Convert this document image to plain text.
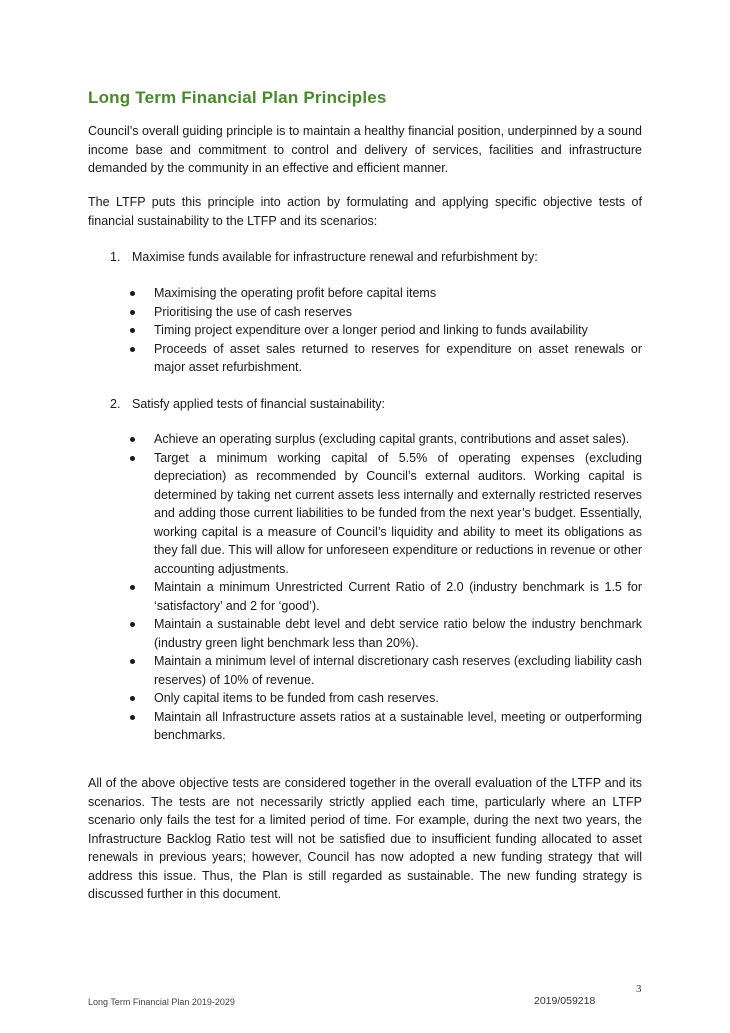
Long Term Financial Plan Principles

Council’s overall guiding principle is to maintain a healthy financial position, underpinned by a sound income base and commitment to control and delivery of services, facilities and infrastructure demanded by the community in an effective and efficient manner.

The LTFP puts this principle into action by formulating and applying specific objective tests of financial sustainability to the LTFP and its scenarios:

1. Maximise funds available for infrastructure renewal and refurbishment by:
Maximising the operating profit before capital items
Prioritising the use of cash reserves
Timing project expenditure over a longer period and linking to funds availability
Proceeds of asset sales returned to reserves for expenditure on asset renewals or major asset refurbishment.
2. Satisfy applied tests of financial sustainability:
Achieve an operating surplus (excluding capital grants, contributions and asset sales).
Target a minimum working capital of 5.5% of operating expenses (excluding depreciation) as recommended by Council’s external auditors. Working capital is determined by taking net current assets less internally and externally restricted reserves and adding those current liabilities to be funded from the next year’s budget. Essentially, working capital is a measure of Council’s liquidity and ability to meet its obligations as they fall due. This will allow for unforeseen expenditure or reductions in revenue or other accounting adjustments.
Maintain a minimum Unrestricted Current Ratio of 2.0 (industry benchmark is 1.5 for ‘satisfactory’ and 2 for ‘good’).
Maintain a sustainable debt level and debt service ratio below the industry benchmark (industry green light benchmark less than 20%).
Maintain a minimum level of internal discretionary cash reserves (excluding liability cash reserves) of 10% of revenue.
Only capital items to be funded from cash reserves.
Maintain all Infrastructure assets ratios at a sustainable level, meeting or outperforming benchmarks.

All of the above objective tests are considered together in the overall evaluation of the LTFP and its scenarios. The tests are not necessarily strictly applied each time, particularly where an LTFP scenario only fails the test for a limited period of time. For example, during the next two years, the Infrastructure Backlog Ratio test will not be satisfied due to insufficient funding allocated to asset renewals in previous years; however, Council has now adopted a new funding strategy that will address this issue. Thus, the Plan is still regarded as sustainable. The new funding strategy is discussed further in this document.

3
Long Term Financial Plan 2019-2029	2019/059218
